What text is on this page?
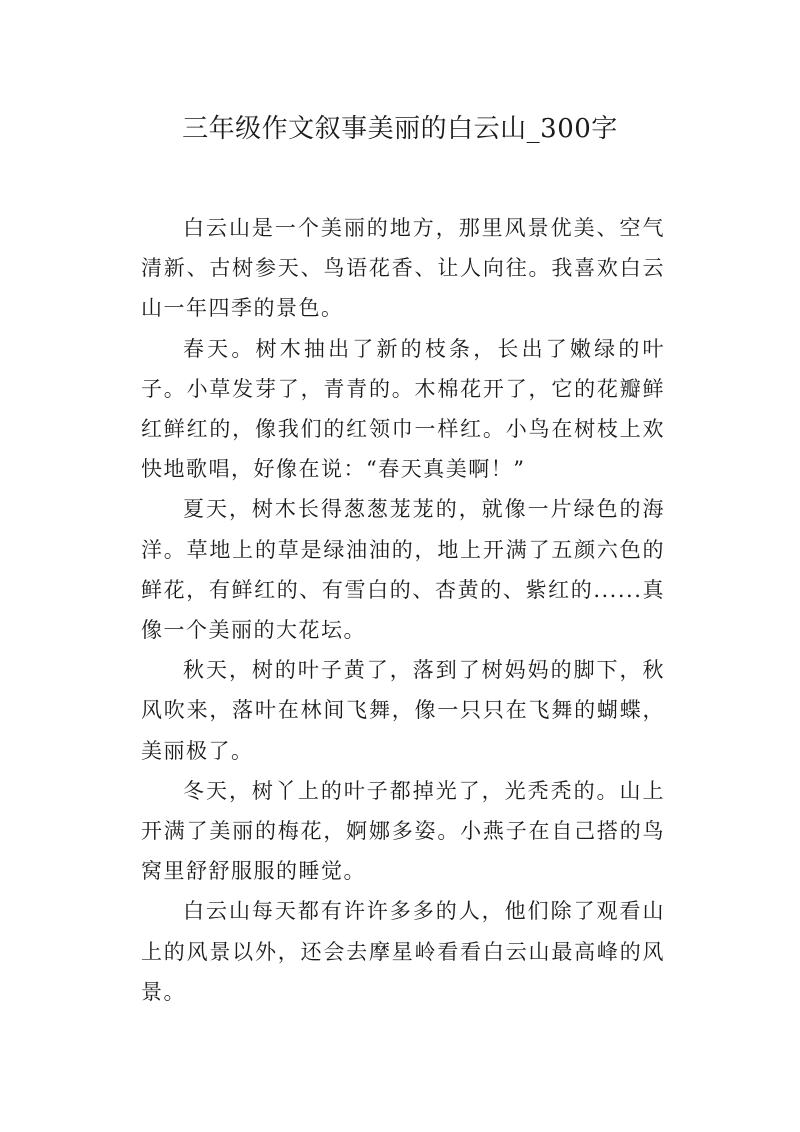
三年级作文叙事美丽的白云山_300字

白云山是一个美丽的地方，那里风景优美、空气清新、古树参天、鸟语花香、让人向往。我喜欢白云山一年四季的景色。

春天。树木抽出了新的枝条，长出了嫩绿的叶子。小草发芽了，青青的。木棉花开了，它的花瓣鲜红鲜红的，像我们的红领巾一样红。小鸟在树枝上欢快地歌唱，好像在说：“春天真美啊！”

夏天，树木长得葱葱茏茏的，就像一片绿色的海洋。草地上的草是绿油油的，地上开满了五颜六色的鲜花，有鲜红的、有雪白的、杏黄的、紫红的......真像一个美丽的大花坛。

秋天，树的叶子黄了，落到了树妈妈的脚下，秋风吹来，落叶在林间飞舞，像一只只在飞舞的蝴蝶，美丽极了。

冬天，树丫上的叶子都掉光了，光秃秃的。山上开满了美丽的梅花，婀娜多姿。小燕子在自己搭的鸟窝里舒舒服服的睡觉。

白云山每天都有许许多多的人，他们除了观看山上的风景以外，还会去摩星岭看看白云山最高峰的风景。
